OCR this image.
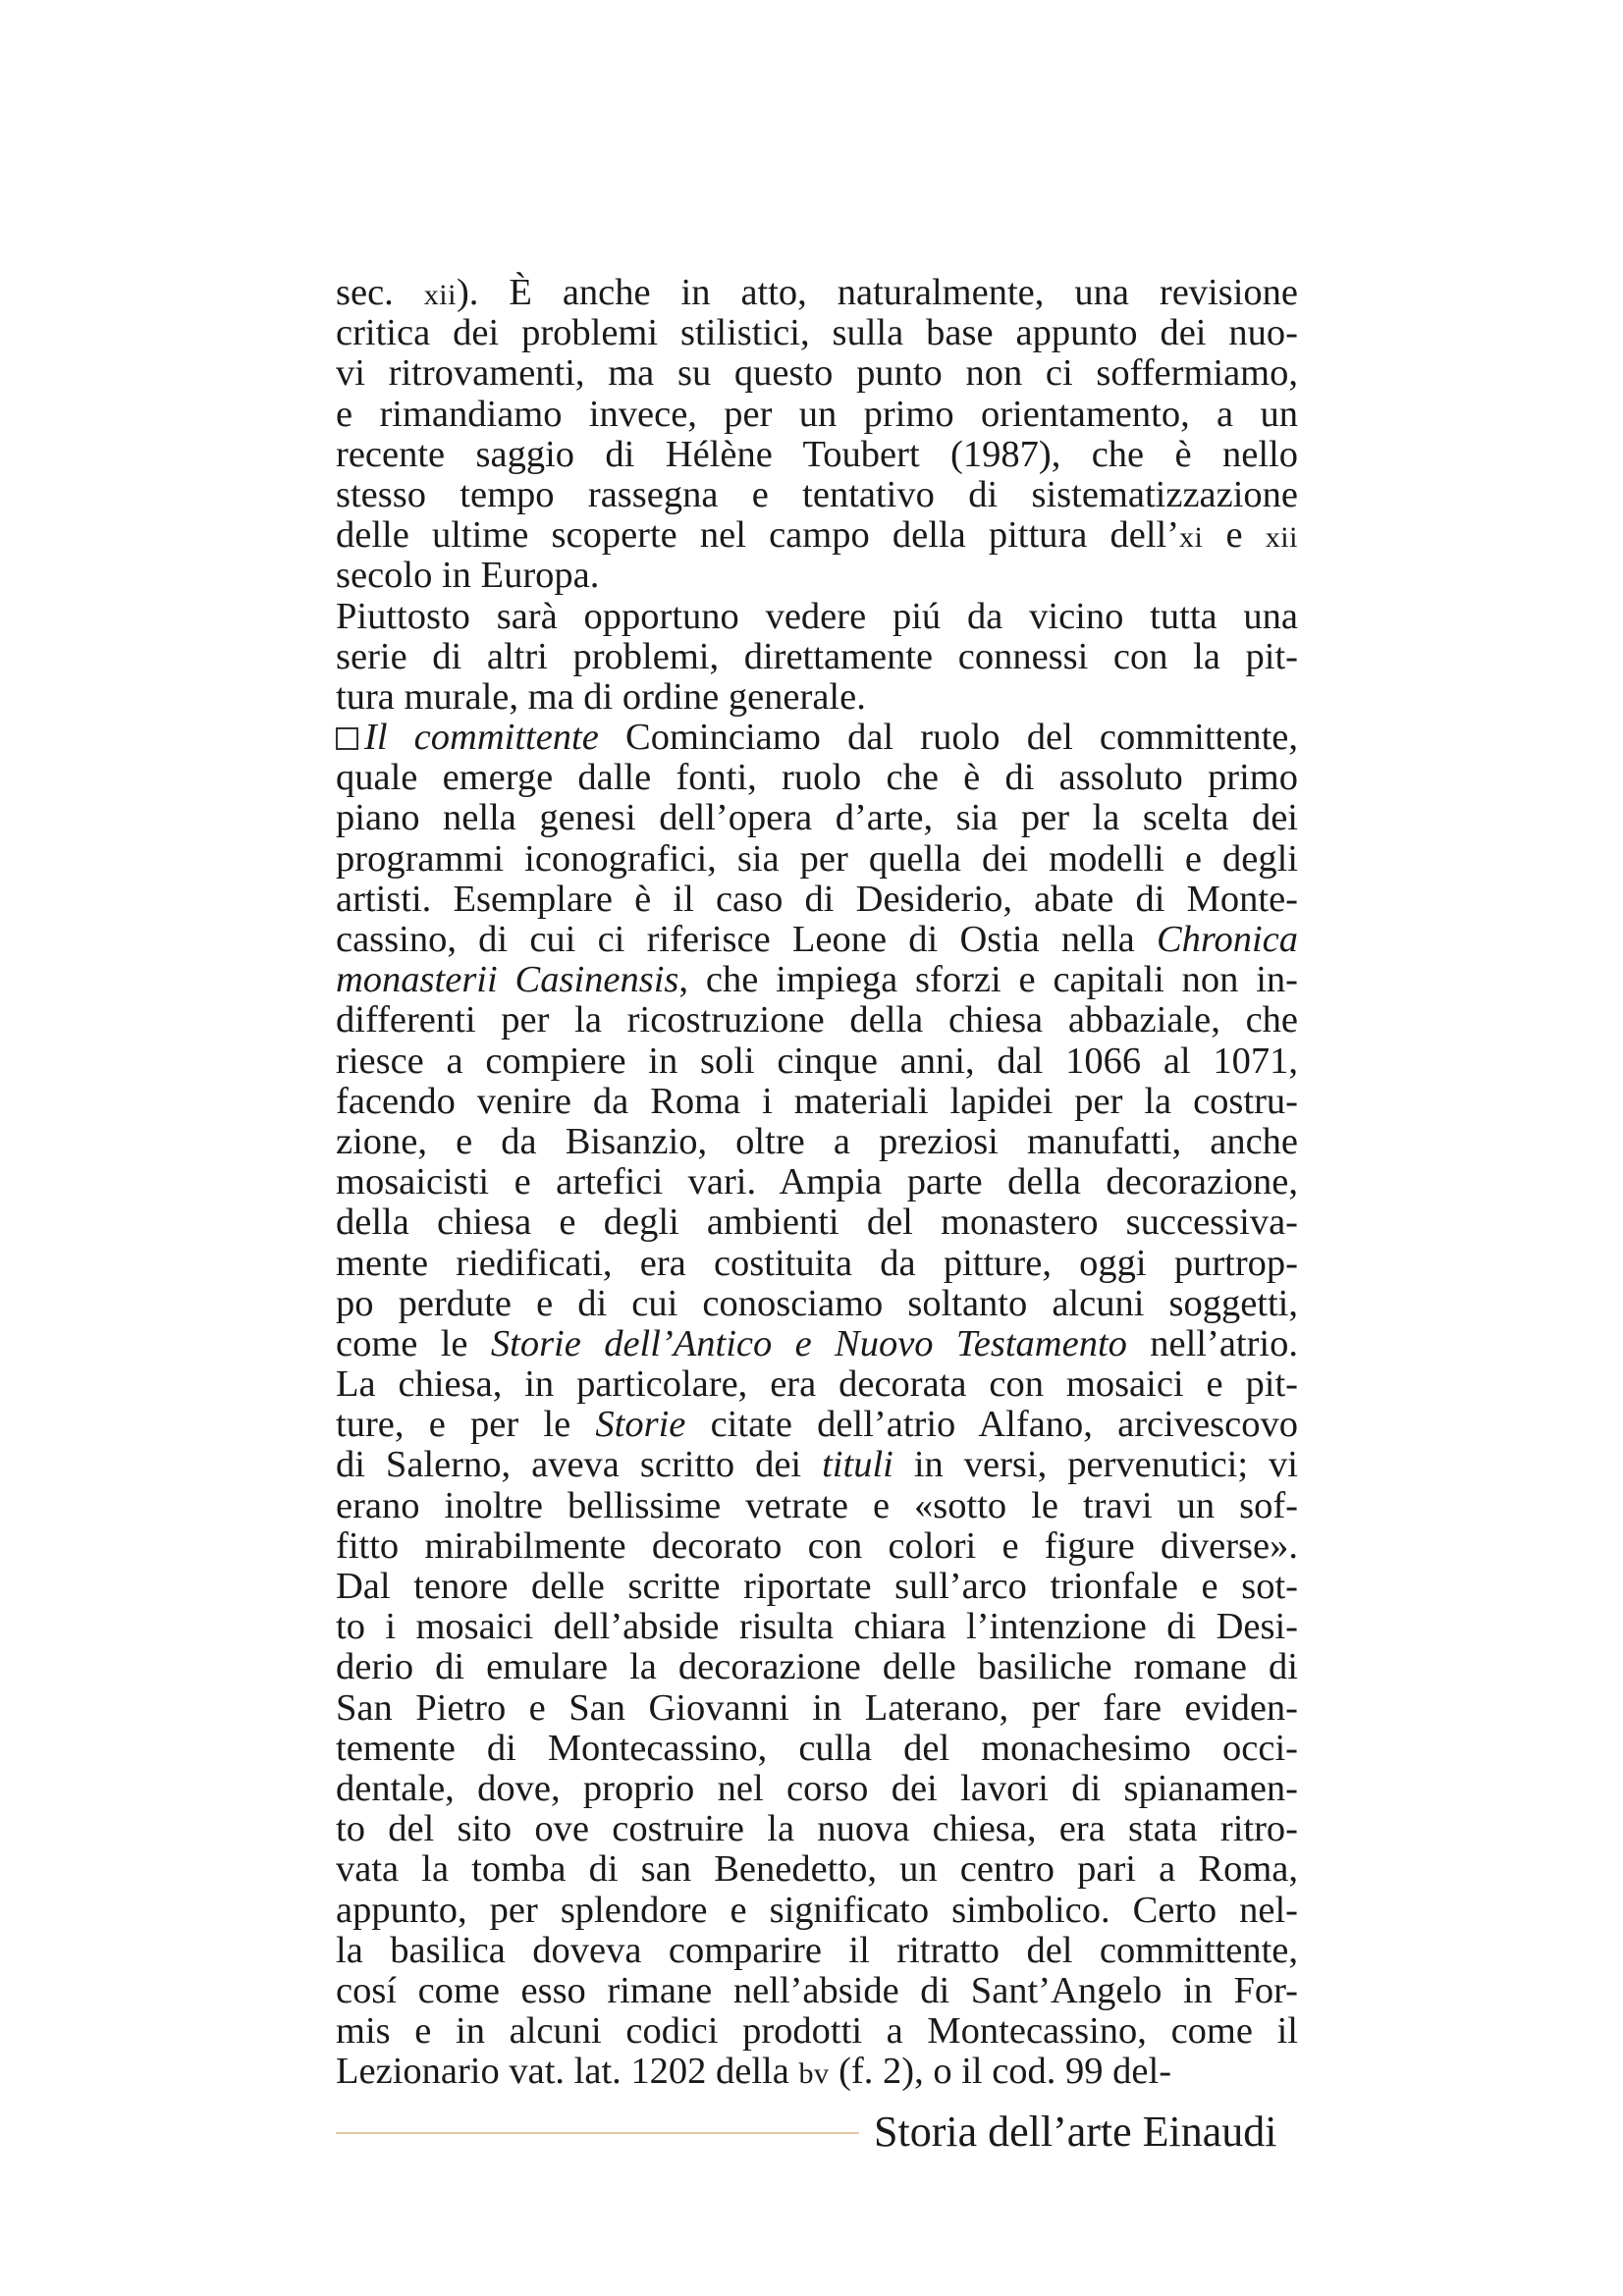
sec. xii). È anche in atto, naturalmente, una revisione
critica dei problemi stilistici, sulla base appunto dei nuo-
vi ritrovamenti, ma su questo punto non ci soffermiamo,
e rimandiamo invece, per un primo orientamento, a un
recente saggio di Hélène Toubert (1987), che è nello
stesso tempo rassegna e tentativo di sistematizzazione
delle ultime scoperte nel campo della pittura dell’xi e xii
secolo in Europa.
Piuttosto sarà opportuno vedere piú da vicino tutta una
serie di altri problemi, direttamente connessi con la pit-
tura murale, ma di ordine generale.
Il committente Cominciamo dal ruolo del committente,
quale emerge dalle fonti, ruolo che è di assoluto primo
piano nella genesi dell’opera d’arte, sia per la scelta dei
programmi iconografici, sia per quella dei modelli e degli
artisti. Esemplare è il caso di Desiderio, abate di Monte-
cassino, di cui ci riferisce Leone di Ostia nella Chronica
monasterii Casinensis, che impiega sforzi e capitali non in-
differenti per la ricostruzione della chiesa abbaziale, che
riesce a compiere in soli cinque anni, dal 1066 al 1071,
facendo venire da Roma i materiali lapidei per la costru-
zione, e da Bisanzio, oltre a preziosi manufatti, anche
mosaicisti e artefici vari. Ampia parte della decorazione,
della chiesa e degli ambienti del monastero successiva-
mente riedificati, era costituita da pitture, oggi purtrop-
po perdute e di cui conosciamo soltanto alcuni soggetti,
come le Storie dell’Antico e Nuovo Testamento nell’atrio.
La chiesa, in particolare, era decorata con mosaici e pit-
ture, e per le Storie citate dell’atrio Alfano, arcivescovo
di Salerno, aveva scritto dei tituli in versi, pervenutici; vi
erano inoltre bellissime vetrate e «sotto le travi un sof-
fitto mirabilmente decorato con colori e figure diverse».
Dal tenore delle scritte riportate sull’arco trionfale e sot-
to i mosaici dell’abside risulta chiara l’intenzione di Desi-
derio di emulare la decorazione delle basiliche romane di
San Pietro e San Giovanni in Laterano, per fare eviden-
temente di Montecassino, culla del monachesimo occi-
dentale, dove, proprio nel corso dei lavori di spianamen-
to del sito ove costruire la nuova chiesa, era stata ritro-
vata la tomba di san Benedetto, un centro pari a Roma,
appunto, per splendore e significato simbolico. Certo nel-
la basilica doveva comparire il ritratto del committente,
cosí come esso rimane nell’abside di Sant’Angelo in For-
mis e in alcuni codici prodotti a Montecassino, come il
Lezionario vat. lat. 1202 della bv (f. 2), o il cod. 99 del-
Storia dell’arte Einaudi
